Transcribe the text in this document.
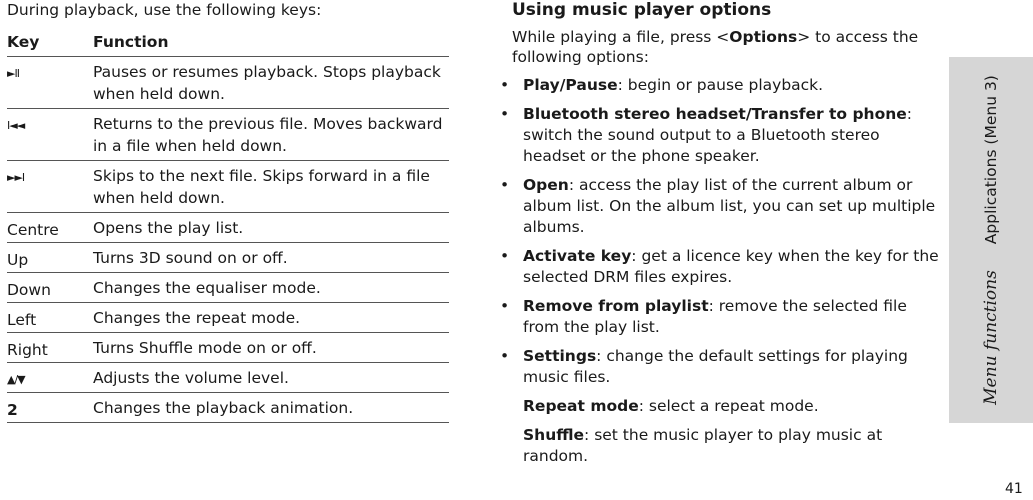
During playback, use the following keys:
Key	Function
►II	Pauses or resumes playback. Stops playback when held down.
I◄◄	Returns to the previous file. Moves backward in a file when held down.
►►I	Skips to the next file. Skips forward in a file when held down.
Centre	Opens the play list.
Up	Turns 3D sound on or off.
Down	Changes the equaliser mode.
Left	Changes the repeat mode.
Right	Turns Shuffle mode on or off.
▲/▼	Adjusts the volume level.
2	Changes the playback animation.
Using music player options
While playing a file, press <Options> to access the following options:
• Play/Pause: begin or pause playback.
• Bluetooth stereo headset/Transfer to phone: switch the sound output to a Bluetooth stereo headset or the phone speaker.
• Open: access the play list of the current album or album list. On the album list, you can set up multiple albums.
• Activate key: get a licence key when the key for the selected DRM files expires.
• Remove from playlist: remove the selected file from the play list.
• Settings: change the default settings for playing music files.
Repeat mode: select a repeat mode.
Shuffle: set the music player to play music at random.
Menu functionsApplications (Menu 3)
41
